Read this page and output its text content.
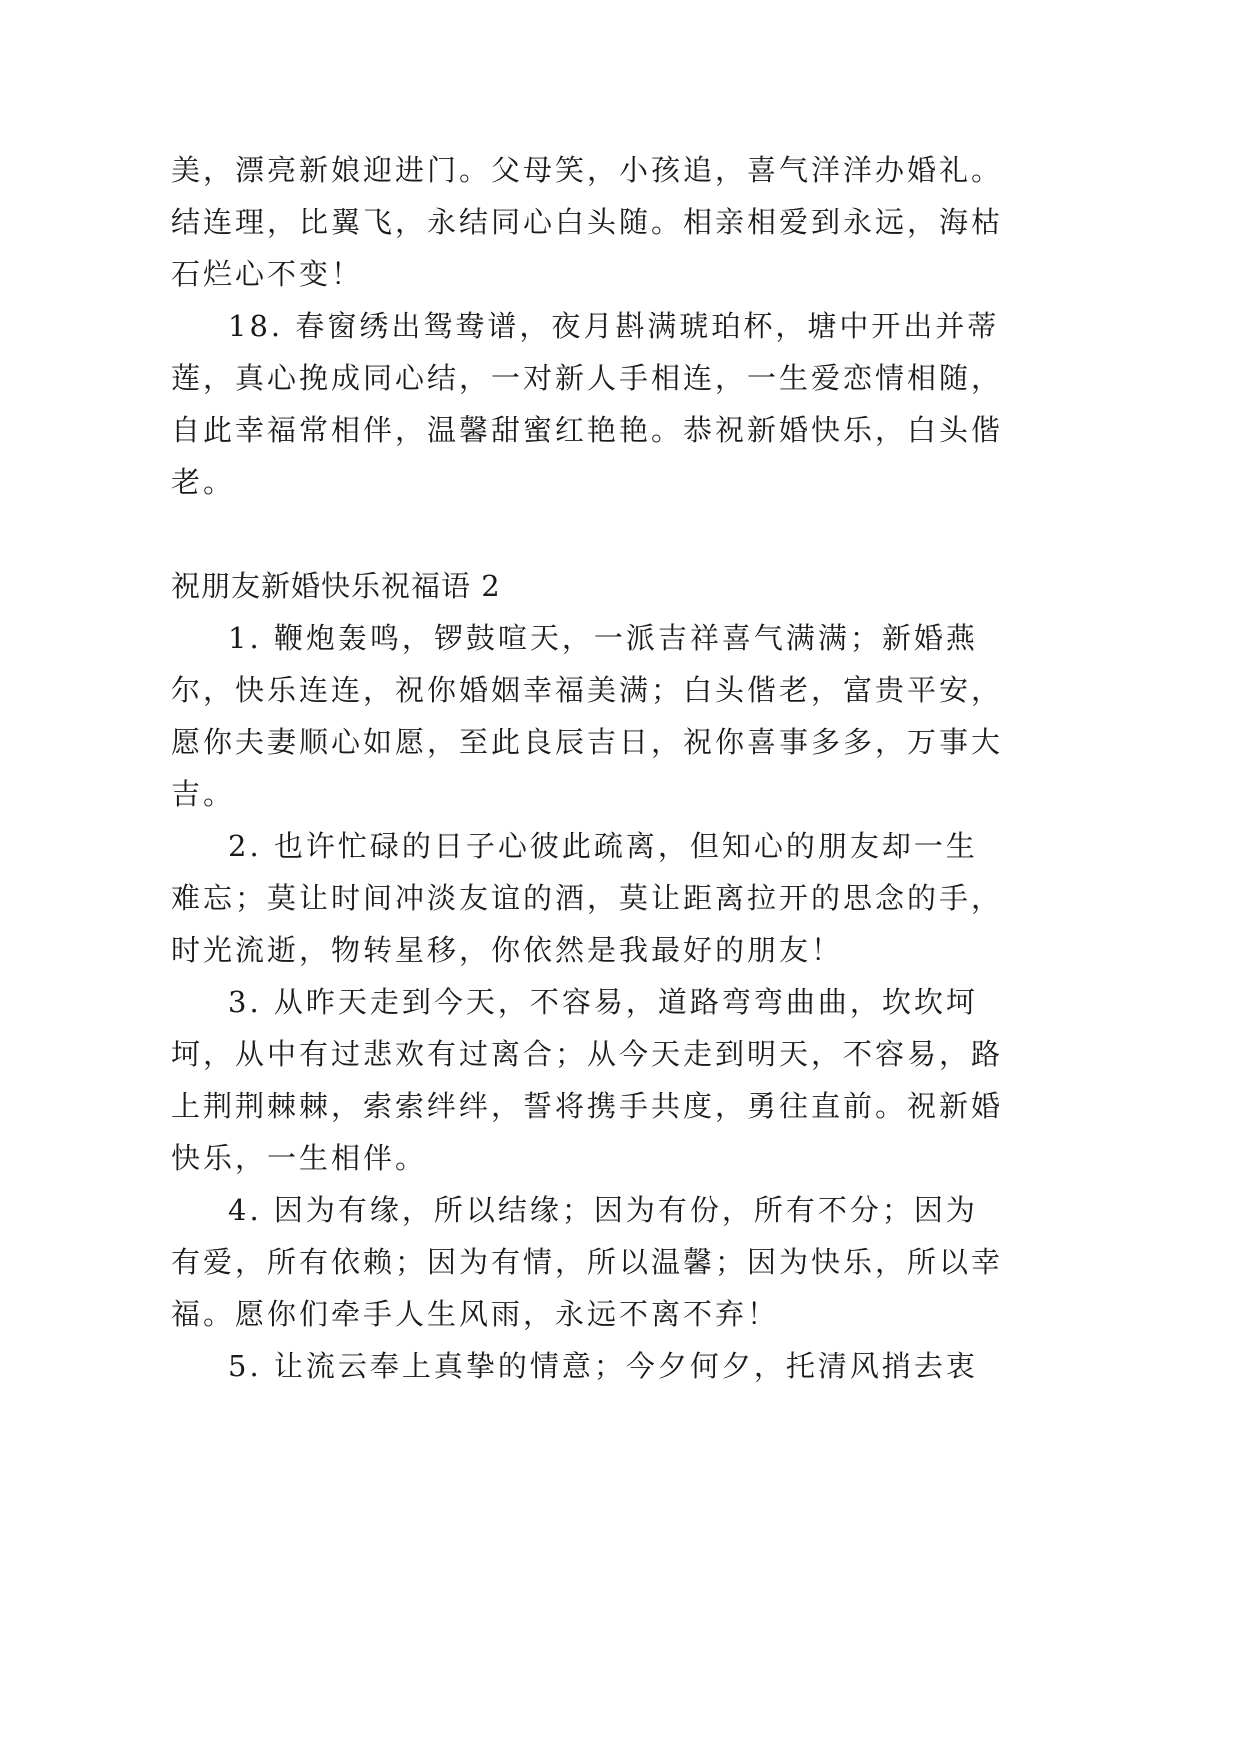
美，漂亮新娘迎进门。父母笑，小孩追，喜气洋洋办婚礼。
结连理，比翼飞，永结同心白头随。相亲相爱到永远，海枯
石烂心不变！
18. 春窗绣出鸳鸯谱，夜月斟满琥珀杯，塘中开出并蒂
莲，真心挽成同心结，一对新人手相连，一生爱恋情相随，
自此幸福常相伴，温馨甜蜜红艳艳。恭祝新婚快乐，白头偕
老。
祝朋友新婚快乐祝福语 2
1. 鞭炮轰鸣，锣鼓喧天，一派吉祥喜气满满；新婚燕
尔，快乐连连，祝你婚姻幸福美满；白头偕老，富贵平安，
愿你夫妻顺心如愿，至此良辰吉日，祝你喜事多多，万事大
吉。
2. 也许忙碌的日子心彼此疏离，但知心的朋友却一生
难忘；莫让时间冲淡友谊的酒，莫让距离拉开的思念的手，
时光流逝，物转星移，你依然是我最好的朋友！
3. 从昨天走到今天，不容易，道路弯弯曲曲，坎坎坷
坷，从中有过悲欢有过离合；从今天走到明天，不容易，路
上荆荆棘棘，索索绊绊，誓将携手共度，勇往直前。祝新婚
快乐，一生相伴。
4. 因为有缘，所以结缘；因为有份，所有不分；因为
有爱，所有依赖；因为有情，所以温馨；因为快乐，所以幸
福。愿你们牵手人生风雨，永远不离不弃！
5. 让流云奉上真挚的情意；今夕何夕，托清风捎去衷
